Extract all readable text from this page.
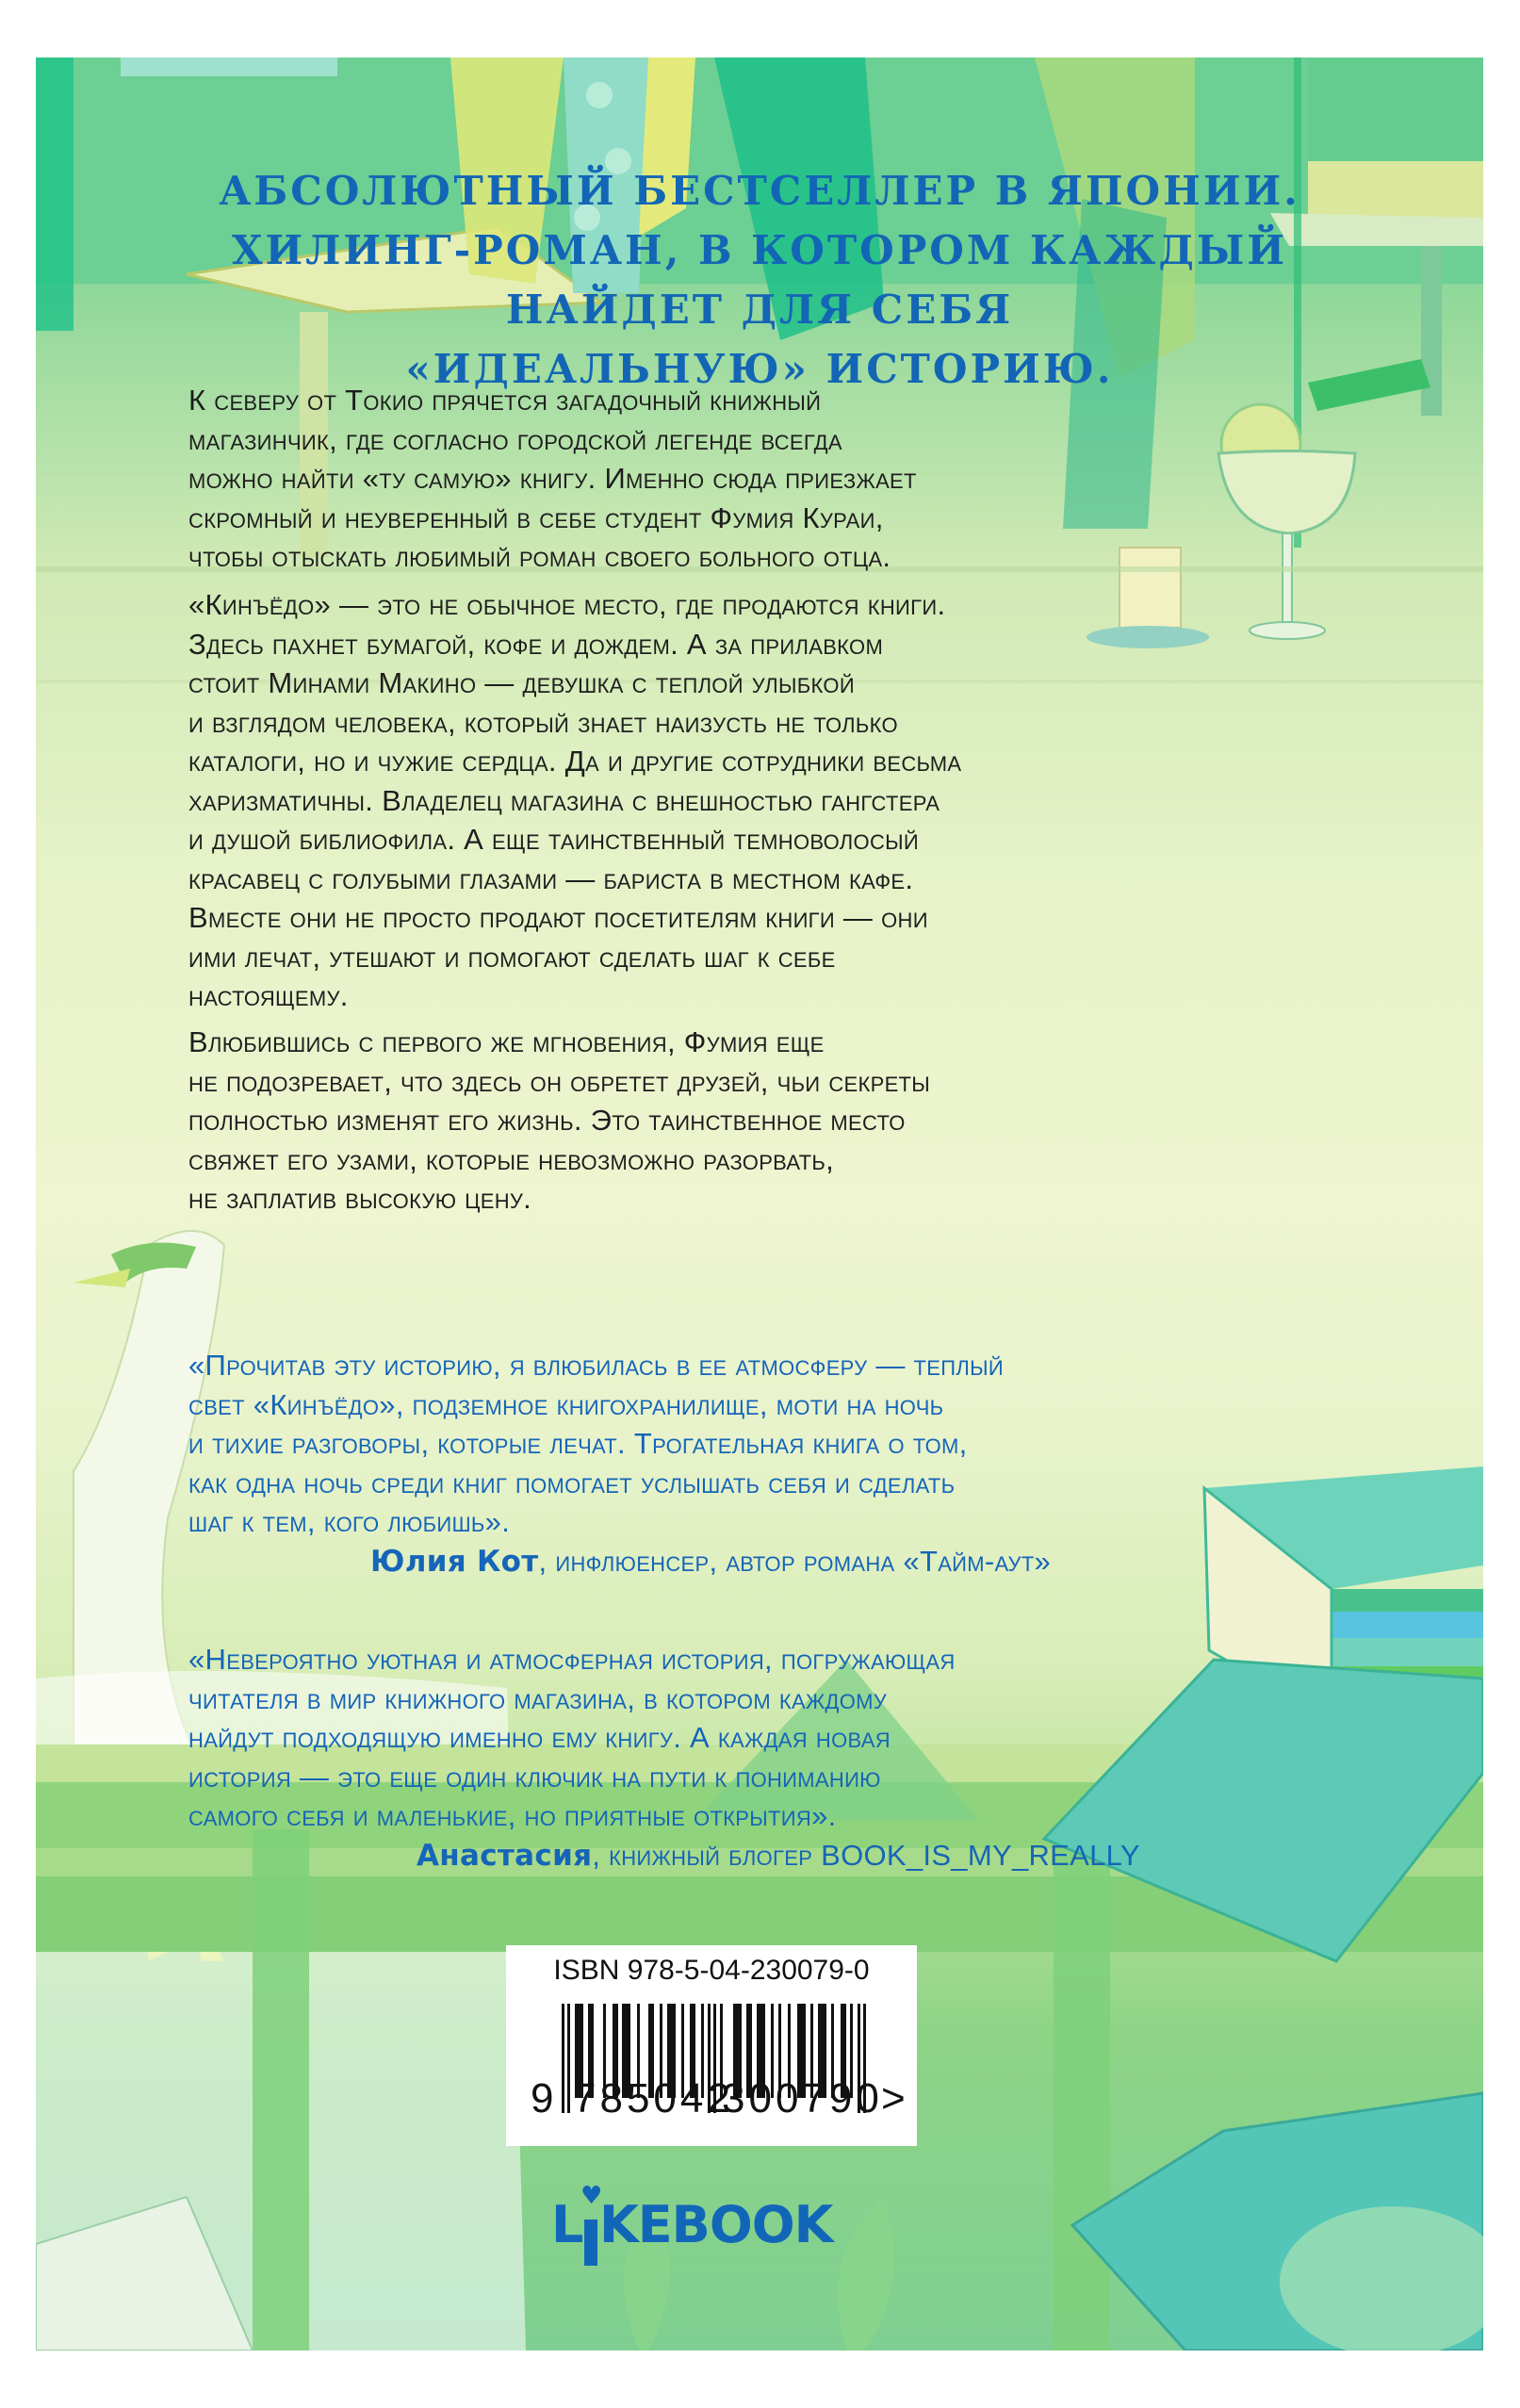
АБСОЛЮТНЫЙ БЕСТСЕЛЛЕР В ЯПОНИИ.
ХИЛИНГ-РОМАН, В КОТОРОМ КАЖДЫЙ
НАЙДЕТ ДЛЯ СЕБЯ
«ИДЕАЛЬНУЮ» ИСТОРИЮ.
К северу от Токио прячется загадочный книжный
магазинчик, где согласно городской легенде всегда
можно найти «ту самую» книгу. Именно сюда приезжает
скромный и неуверенный в себе студент Фумия Кураи,
чтобы отыскать любимый роман своего больного отца.
«Кинъёдо» — это не обычное место, где продаются книги.
Здесь пахнет бумагой, кофе и дождем. А за прилавком
стоит Минами Макино — девушка с теплой улыбкой
и взглядом человека, который знает наизусть не только
каталоги, но и чужие сердца. Да и другие сотрудники весьма
харизматичны. Владелец магазина с внешностью гангстера
и душой библиофила. А еще таинственный темноволосый
красавец с голубыми глазами — бариста в местном кафе.
Вместе они не просто продают посетителям книги — они
ими лечат, утешают и помогают сделать шаг к себе
настоящему.
Влюбившись с первого же мгновения, Фумия еще
не подозревает, что здесь он обретет друзей, чьи секреты
полностью изменят его жизнь. Это таинственное место
свяжет его узами, которые невозможно разорвать,
не заплатив высокую цену.
«Прочитав эту историю, я влюбилась в ее атмосферу — теплый
свет «Кинъёдо», подземное книгохранилище, моти на ночь
и тихие разговоры, которые лечат. Трогательная книга о том,
как одна ночь среди книг помогает услышать себя и сделать
шаг к тем, кого любишь».
Юлия Кот, инфлюенсер, автор романа «Тайм-аут»
«Невероятно уютная и атмосферная история, погружающая
читателя в мир книжного магазина, в котором каждому
найдут подходящую именно ему книгу. А каждая новая
история — это еще один ключик на пути к пониманию
самого себя и маленькие, но приятные открытия».
Анастасия, книжный блогер BOOK_IS_MY_REALLY
ISBN 978-5-04-230079-0
9 785042
300790
>
L
♥
KEBOOK
